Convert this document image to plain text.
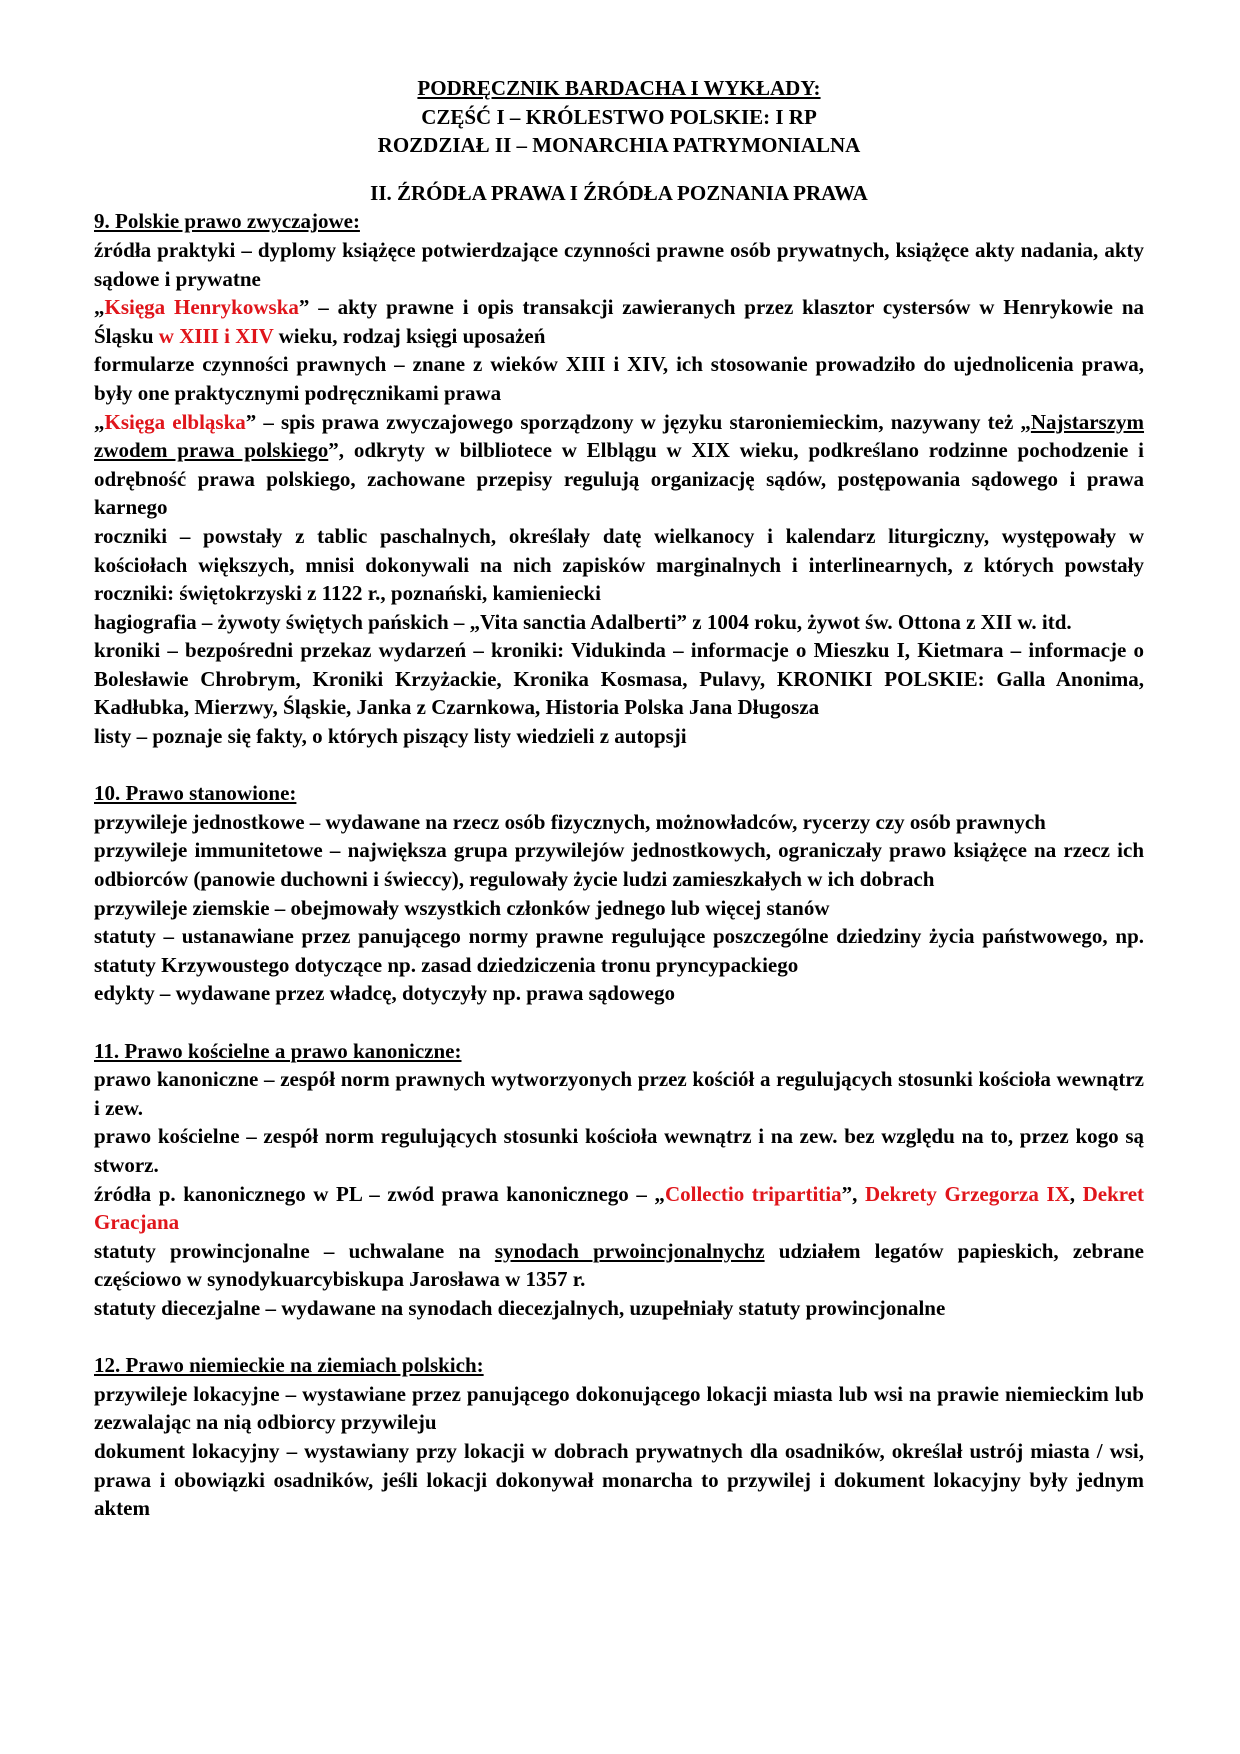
PODRĘCZNIK BARDACHA I WYKŁADY:
CZĘŚĆ I – KRÓLESTWO POLSKIE: I RP
ROZDZIAŁ II – MONARCHIA PATRYMONIALNA
II. ŹRÓDŁA PRAWA I ŹRÓDŁA POZNANIA PRAWA
9. Polskie prawo zwyczajowe:

źródła praktyki – dyplomy książęce potwierdzające czynności prawne osób prywatnych, książęce akty nadania, akty sądowe i prywatne

„Księga Henrykowska” – akty prawne i opis transakcji zawieranych przez klasztor cystersów w Henrykowie na Śląsku w XIII i XIV wieku, rodzaj księgi uposażeń

formularze czynności prawnych – znane z wieków XIII i XIV, ich stosowanie prowadziło do ujednolicenia prawa, były one praktycznymi podręcznikami prawa

„Księga elbląska” – spis prawa zwyczajowego sporządzony w języku staroniemieckim, nazywany też „Najstarszym zwodem prawa polskiego”, odkryty w bilbliotece w Elblągu w XIX wieku, podkreślano rodzinne pochodzenie i odrębność prawa polskiego, zachowane przepisy regulują organizację sądów, postępowania sądowego i prawa karnego

roczniki – powstały z tablic paschalnych, określały datę wielkanocy i kalendarz liturgiczny, występowały w kościołach większych, mnisi dokonywali na nich zapisków marginalnych i interlinearnych, z których powstały roczniki: świętokrzyski z 1122 r., poznański, kamieniecki

hagiografia – żywoty świętych pańskich – „Vita sanctia Adalberti” z 1004 roku, żywot św. Ottona z XII w. itd.

kroniki – bezpośredni przekaz wydarzeń – kroniki: Vidukinda – informacje o Mieszku I, Kietmara – informacje o Bolesławie Chrobrym, Kroniki Krzyżackie, Kronika Kosmasa, Pulavy, KRONIKI POLSKIE: Galla Anonima, Kadłubka, Mierzwy, Śląskie, Janka z Czarnkowa, Historia Polska Jana Długosza

listy – poznaje się fakty, o których piszący listy wiedzieli z autopsji

10. Prawo stanowione:

przywileje jednostkowe – wydawane na rzecz osób fizycznych, możnowładców, rycerzy czy osób prawnych

przywileje immunitetowe – największa grupa przywilejów jednostkowych, ograniczały prawo książęce na rzecz ich odbiorców (panowie duchowni i świeccy), regulowały życie ludzi zamieszkałych w ich dobrach

przywileje ziemskie – obejmowały wszystkich członków jednego lub więcej stanów

statuty – ustanawiane przez panującego normy prawne regulujące poszczególne dziedziny życia państwowego, np. statuty Krzywoustego dotyczące np. zasad dziedziczenia tronu pryncypackiego

edykty – wydawane przez władcę, dotyczyły np. prawa sądowego

11. Prawo kościelne a prawo kanoniczne:

prawo kanoniczne – zespół norm prawnych wytworzyonych przez kościół a regulujących stosunki kościoła wewnątrz i zew.

prawo kościelne – zespół norm regulujących stosunki kościoła wewnątrz i na zew. bez względu na to, przez kogo są stworz.

źródła p. kanonicznego w PL – zwód prawa kanonicznego – „Collectio tripartitia”, Dekrety Grzegorza IX, Dekret Gracjana

statuty prowincjonalne – uchwalane na synodach prwoincjonalnychz udziałem legatów papieskich, zebrane częściowo w synodykuarcybiskupa Jarosława w 1357 r.

statuty diecezjalne – wydawane na synodach diecezjalnych, uzupełniały statuty prowincjonalne

12. Prawo niemieckie na ziemiach polskich:

przywileje lokacyjne – wystawiane przez panującego dokonującego lokacji miasta lub wsi na prawie niemieckim lub zezwalając na nią odbiorcy przywileju

dokument lokacyjny – wystawiany przy lokacji w dobrach prywatnych dla osadników, określał ustrój miasta / wsi, prawa i obowiązki osadników, jeśli lokacji dokonywał monarcha to przywilej i dokument lokacyjny były jednym aktem
